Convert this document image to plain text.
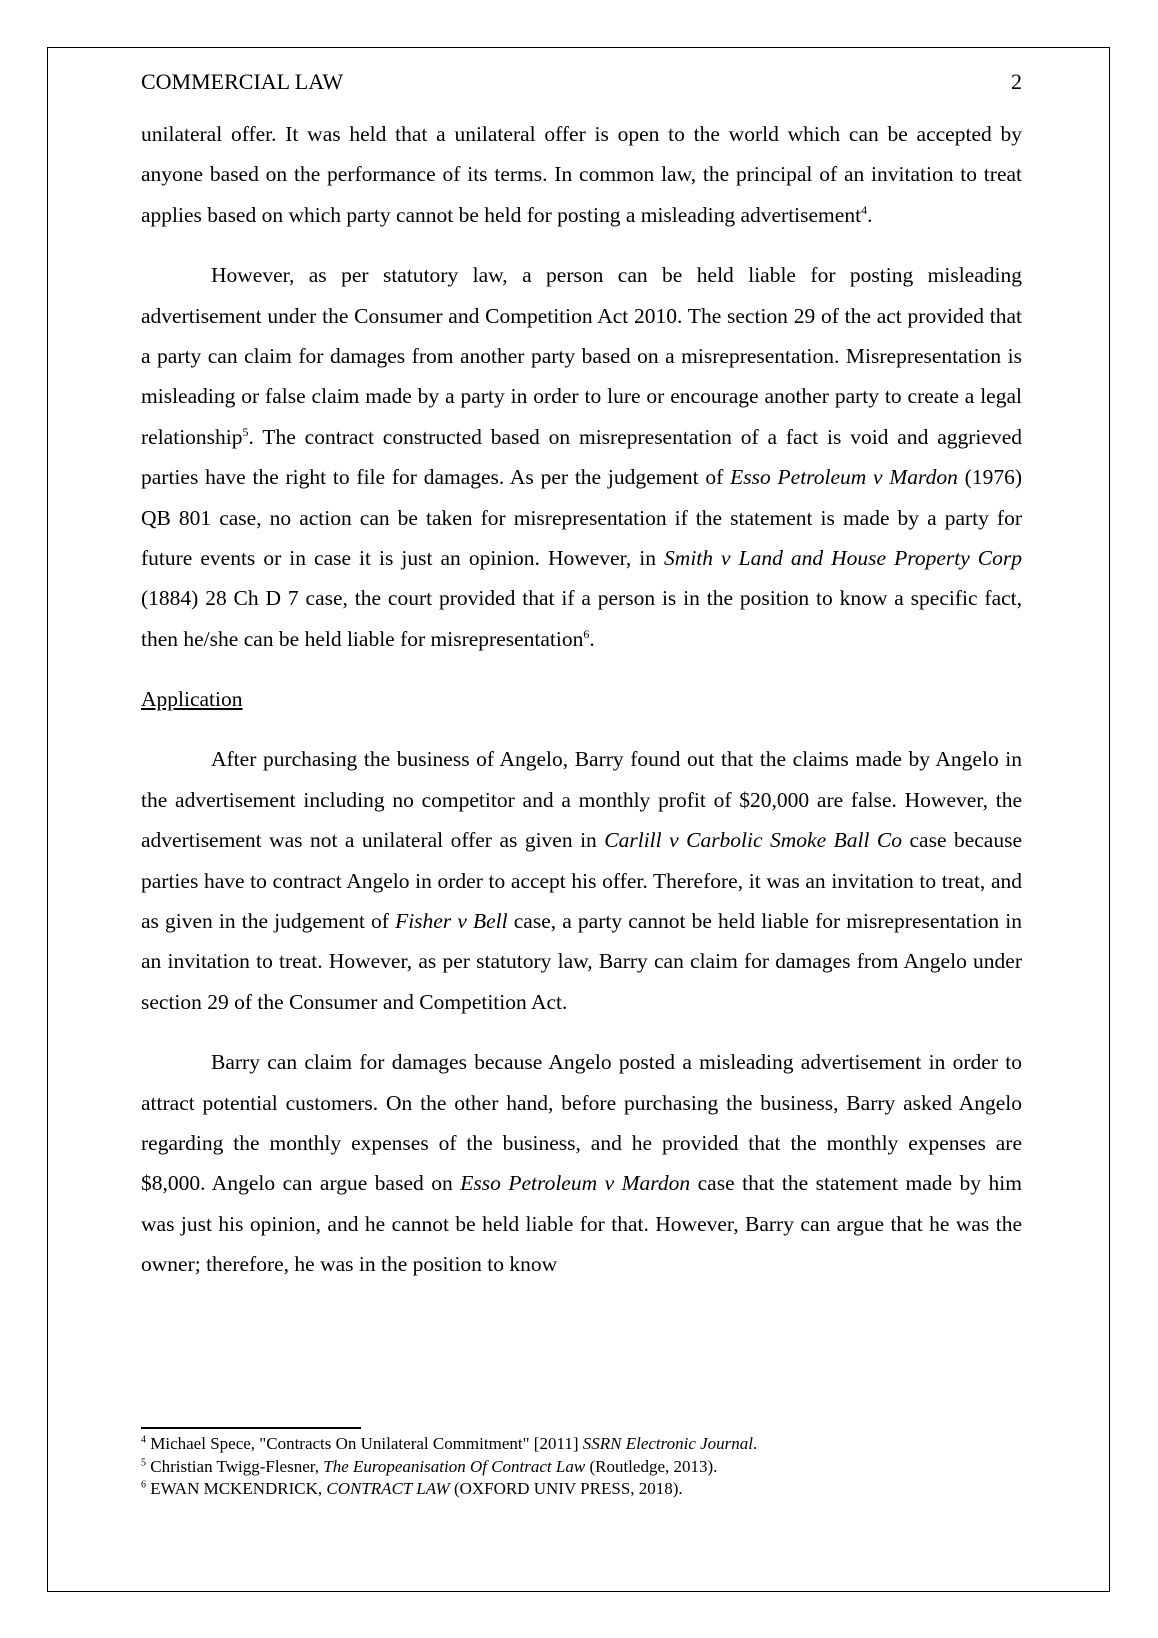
COMMERCIAL LAW	2

unilateral offer. It was held that a unilateral offer is open to the world which can be accepted by anyone based on the performance of its terms. In common law, the principal of an invitation to treat applies based on which party cannot be held for posting a misleading advertisement$^4$.

However, as per statutory law, a person can be held liable for posting misleading advertisement under the Consumer and Competition Act 2010. The section 29 of the act provided that a party can claim for damages from another party based on a misrepresentation. Misrepresentation is misleading or false claim made by a party in order to lure or encourage another party to create a legal relationship$^5$. The contract constructed based on misrepresentation of a fact is void and aggrieved parties have the right to file for damages. As per the judgement of Esso Petroleum v Mardon (1976) QB 801 case, no action can be taken for misrepresentation if the statement is made by a party for future events or in case it is just an opinion. However, in Smith v Land and House Property Corp (1884) 28 Ch D 7 case, the court provided that if a person is in the position to know a specific fact, then he/she can be held liable for misrepresentation$^6$.

Application

After purchasing the business of Angelo, Barry found out that the claims made by Angelo in the advertisement including no competitor and a monthly profit of $20,000 are false. However, the advertisement was not a unilateral offer as given in Carlill v Carbolic Smoke Ball Co case because parties have to contract Angelo in order to accept his offer. Therefore, it was an invitation to treat, and as given in the judgement of Fisher v Bell case, a party cannot be held liable for misrepresentation in an invitation to treat. However, as per statutory law, Barry can claim for damages from Angelo under section 29 of the Consumer and Competition Act.

Barry can claim for damages because Angelo posted a misleading advertisement in order to attract potential customers. On the other hand, before purchasing the business, Barry asked Angelo regarding the monthly expenses of the business, and he provided that the monthly expenses are $8,000. Angelo can argue based on Esso Petroleum v Mardon case that the statement made by him was just his opinion, and he cannot be held liable for that. However, Barry can argue that he was the owner; therefore, he was in the position to know

$^4$ Michael Spece, "Contracts On Unilateral Commitment" [2011] SSRN Electronic Journal.
$^5$ Christian Twigg-Flesner, The Europeanisation Of Contract Law (Routledge, 2013).
$^6$ EWAN MCKENDRICK, CONTRACT LAW (OXFORD UNIV PRESS, 2018).
